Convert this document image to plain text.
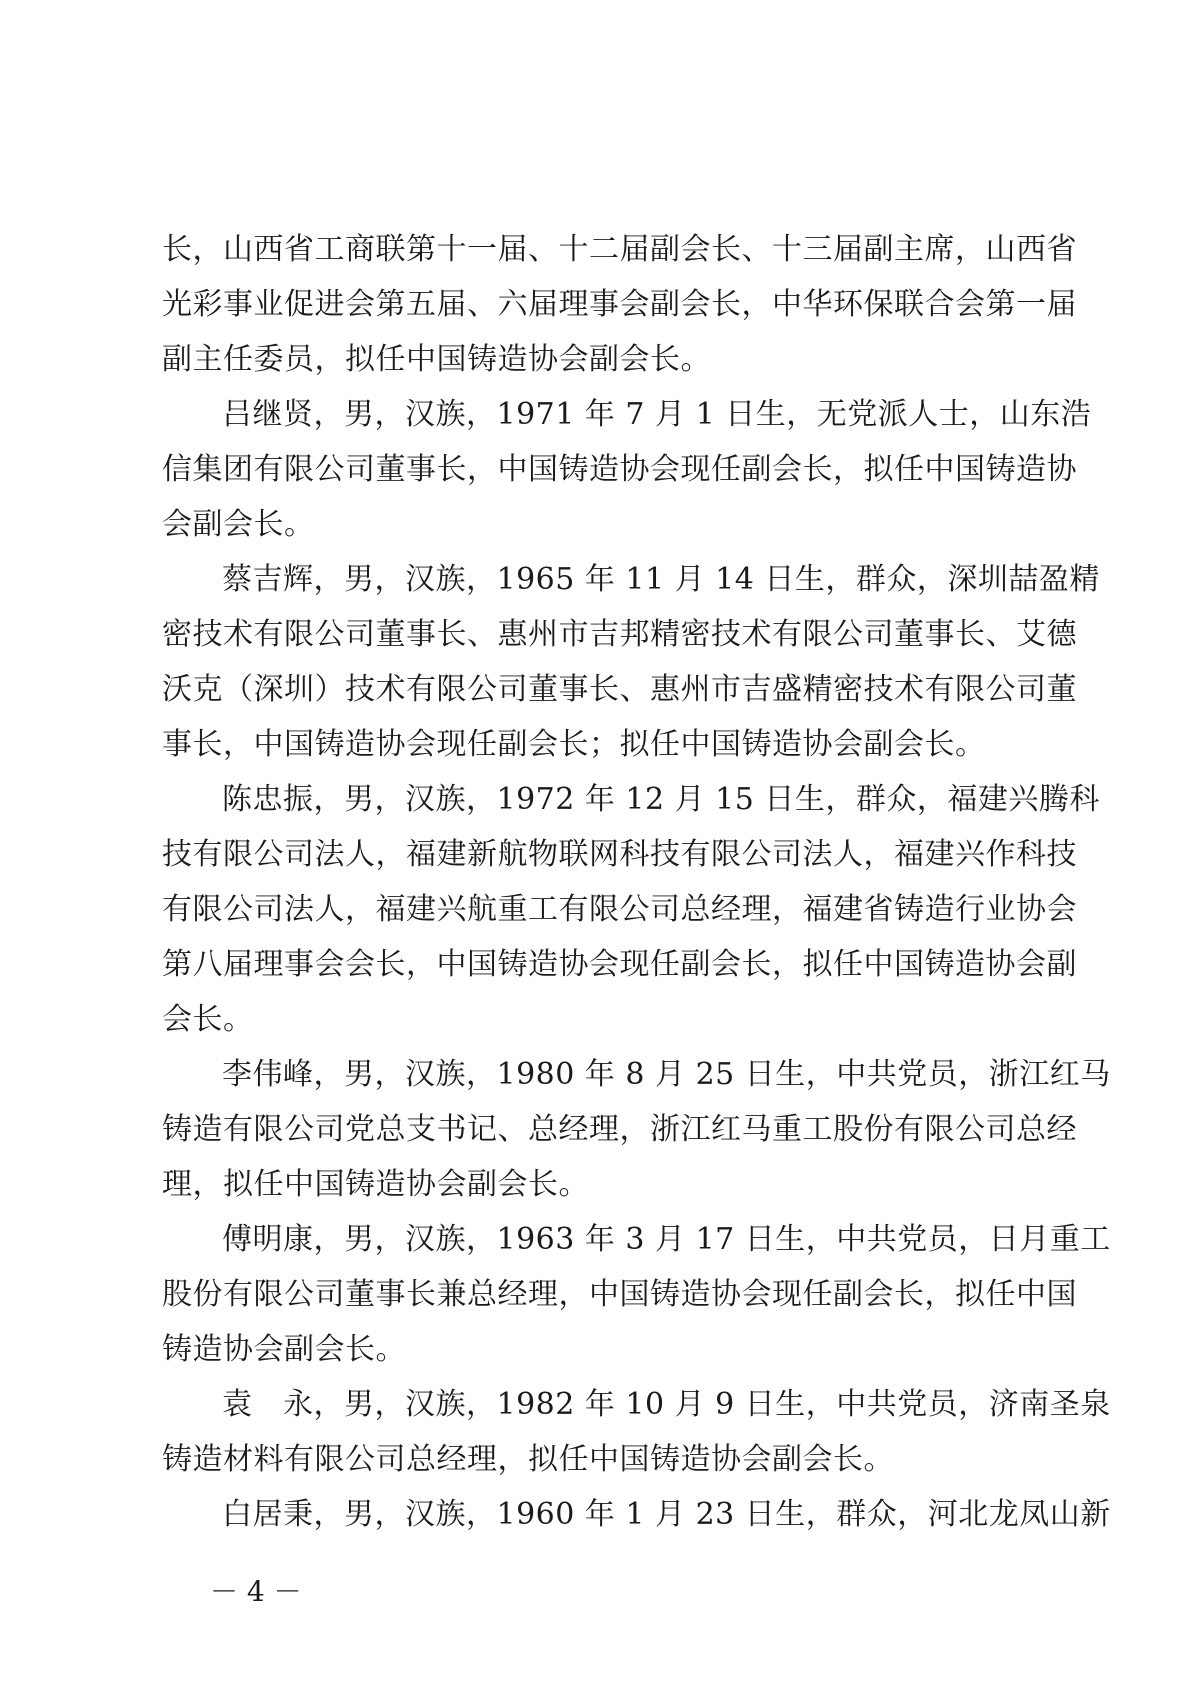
长，山西省工商联第十一届、十二届副会长、十三届副主席，山西省
光彩事业促进会第五届、六届理事会副会长，中华环保联合会第一届
副主任委员，拟任中国铸造协会副会长。
吕继贤，男，汉族，1971 年 7 月 1 日生，无党派人士，山东浩
信集团有限公司董事长，中国铸造协会现任副会长，拟任中国铸造协
会副会长。
蔡吉辉，男，汉族，1965 年 11 月 14 日生，群众，深圳喆盈精
密技术有限公司董事长、惠州市吉邦精密技术有限公司董事长、艾德
沃克（深圳）技术有限公司董事长、惠州市吉盛精密技术有限公司董
事长，中国铸造协会现任副会长；拟任中国铸造协会副会长。
陈忠振，男，汉族，1972 年 12 月 15 日生，群众，福建兴腾科
技有限公司法人，福建新航物联网科技有限公司法人，福建兴作科技
有限公司法人，福建兴航重工有限公司总经理，福建省铸造行业协会
第八届理事会会长，中国铸造协会现任副会长，拟任中国铸造协会副
会长。
李伟峰，男，汉族，1980 年 8 月 25 日生，中共党员，浙江红马
铸造有限公司党总支书记、总经理，浙江红马重工股份有限公司总经
理，拟任中国铸造协会副会长。
傅明康，男，汉族，1963 年 3 月 17 日生，中共党员，日月重工
股份有限公司董事长兼总经理，中国铸造协会现任副会长，拟任中国
铸造协会副会长。
袁　永，男，汉族，1982 年 10 月 9 日生，中共党员，济南圣泉
铸造材料有限公司总经理，拟任中国铸造协会副会长。
白居秉，男，汉族，1960 年 1 月 23 日生，群众，河北龙凤山新
－ 4 －
